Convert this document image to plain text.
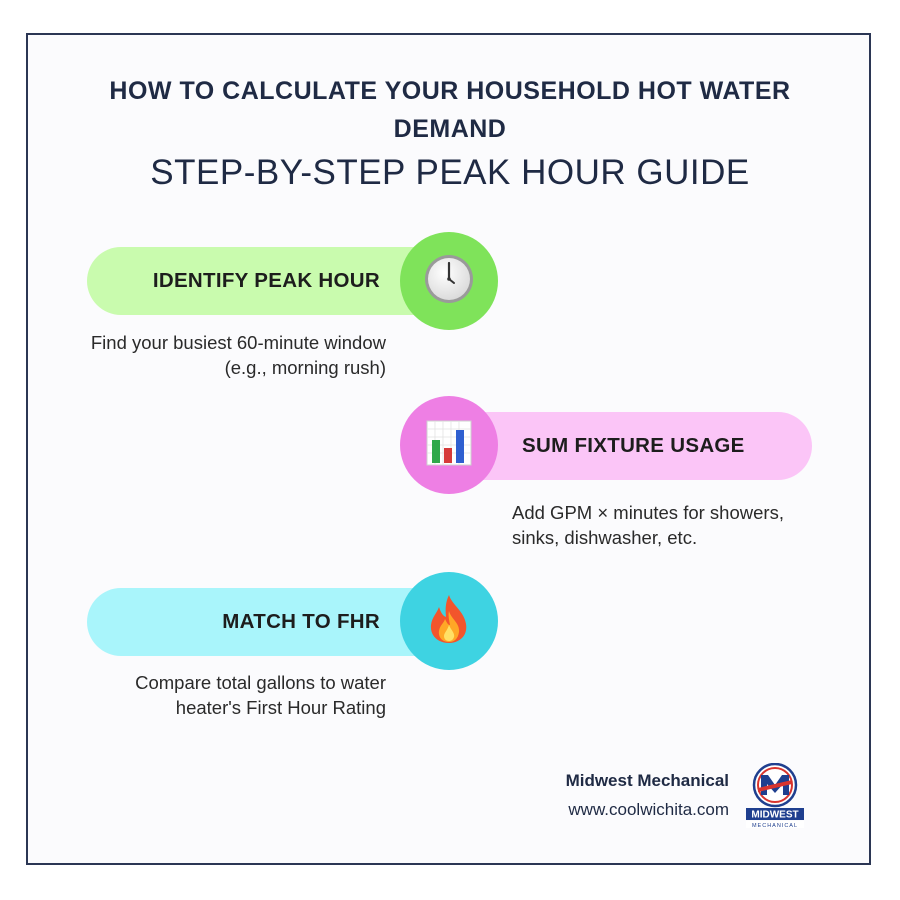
HOW TO CALCULATE YOUR HOUSEHOLD HOT WATER DEMAND
STEP-BY-STEP PEAK HOUR GUIDE
IDENTIFY PEAK HOUR
Find your busiest 60-minute window (e.g., morning rush)
SUM FIXTURE USAGE
Add GPM × minutes for showers, sinks, dishwasher, etc.
MATCH TO FHR
Compare total gallons to water heater's First Hour Rating
Midwest Mechanical
www.coolwichita.com MIDWEST
MECHANICAL
